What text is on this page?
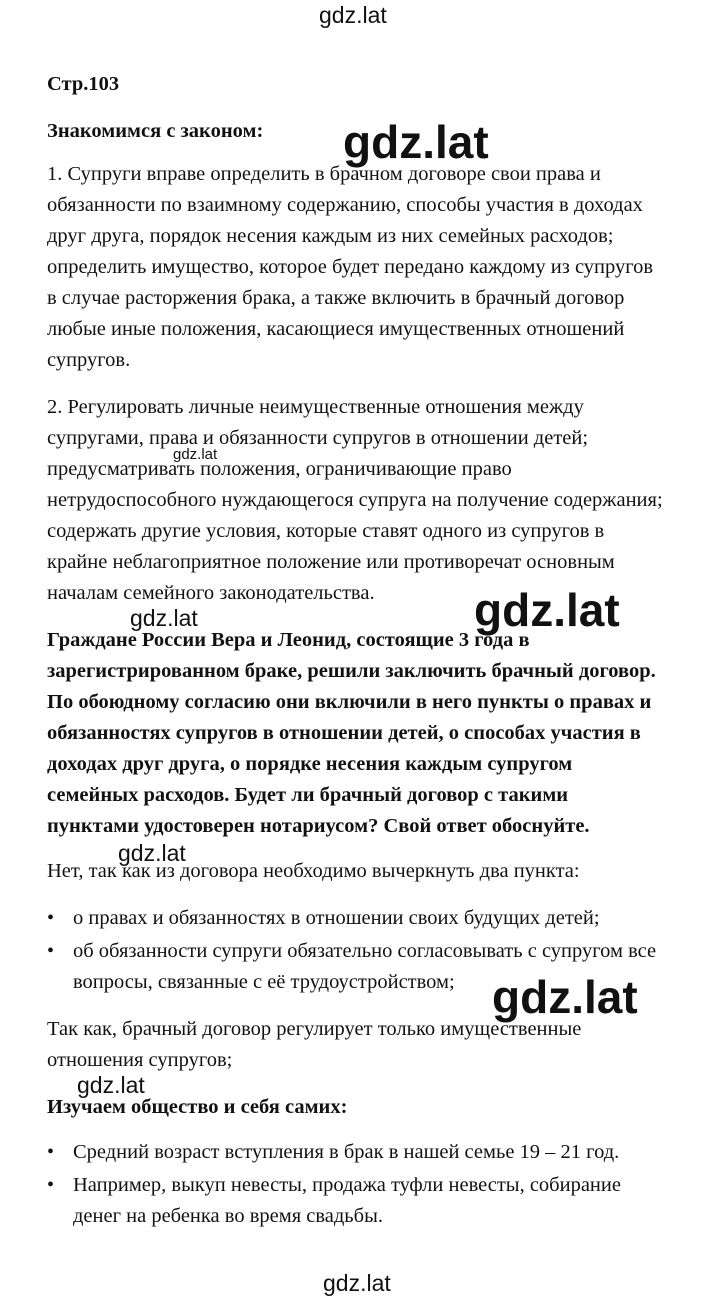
gdz.lat
gdz.lat
gdz.lat
gdz.lat	gdz.lat
gdz.lat
gdz.lat
gdz.lat
gdz.lat
Стр.103
Знакомимся с законом:
1. Супруги вправе определить в брачном договоре свои права и
обязанности по взаимному содержанию, способы участия в доходах
друг друга, порядок несения каждым из них семейных расходов;
определить имущество, которое будет передано каждому из супругов
в случае расторжения брака, а также включить в брачный договор
любые иные положения, касающиеся имущественных отношений
супругов.
2. Регулировать личные неимущественные отношения между
супругами, права и обязанности супругов в отношении детей;
предусматривать положения, ограничивающие право
нетрудоспособного нуждающегося супруга на получение содержания;
содержать другие условия, которые ставят одного из супругов в
крайне неблагоприятное положение или противоречат основным
началам семейного законодательства.
Граждане России Вера и Леонид, состоящие 3 года в
зарегистрированном браке, решили заключить брачный договор.
По обоюдному согласию они включили в него пункты о правах и
обязанностях супругов в отношении детей, о способах участия в
доходах друг друга, о порядке несения каждым супругом
семейных расходов. Будет ли брачный договор с такими
пунктами удостоверен нотариусом? Свой ответ обоснуйте.
Нет, так как из договора необходимо вычеркнуть два пункта:
• о правах и обязанностях в отношении своих будущих детей;
• об обязанности супруги обязательно согласовывать с супругом все
вопросы, связанные с её трудоустройством;
Так как, брачный договор регулирует только имущественные
отношения супругов;
Изучаем общество и себя самих:
• Средний возраст вступления в брак в нашей семье 19 – 21 год.
• Например, выкуп невесты, продажа туфли невесты, собирание
денег на ребенка во время свадьбы.
